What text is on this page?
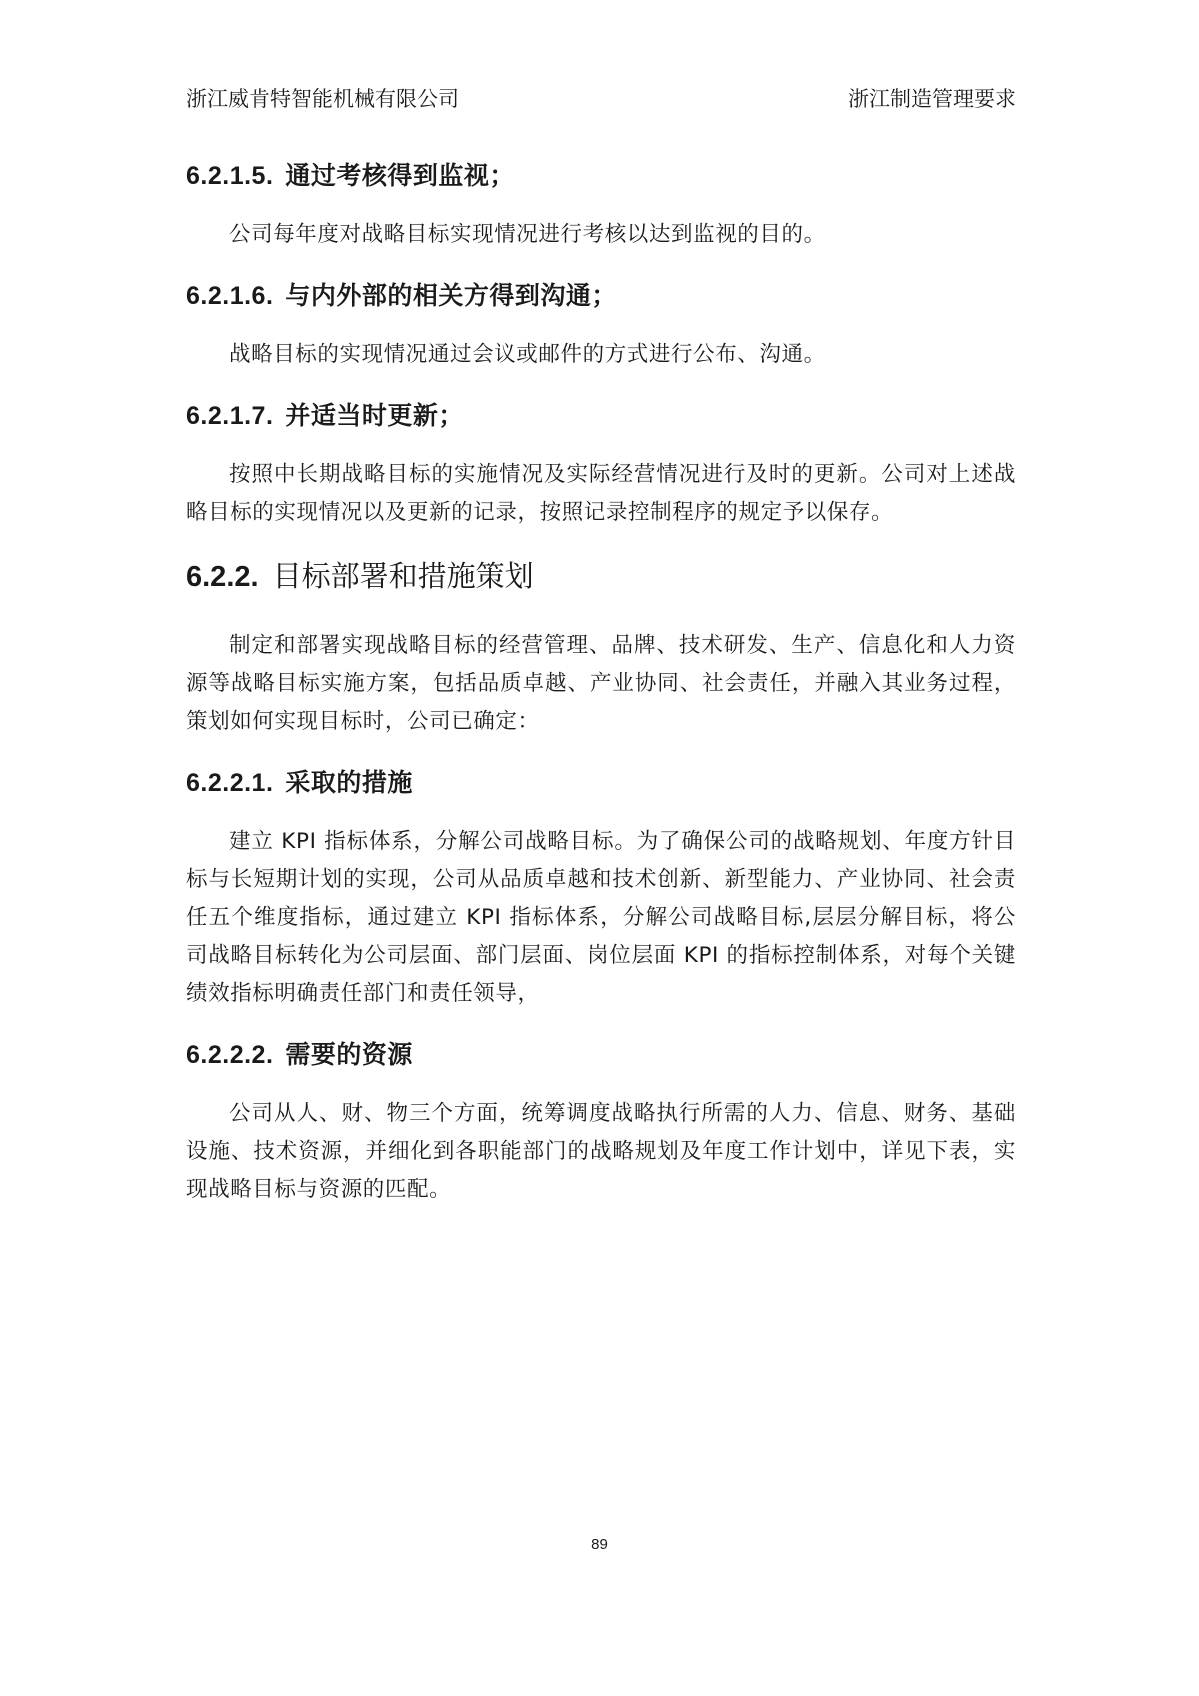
浙江威肯特智能机械有限公司	浙江制造管理要求
6.2.1.5. 通过考核得到监视；

公司每年度对战略目标实现情况进行考核以达到监视的目的。

6.2.1.6. 与内外部的相关方得到沟通；

战略目标的实现情况通过会议或邮件的方式进行公布、沟通。

6.2.1.7. 并适当时更新；

按照中长期战略目标的实施情况及实际经营情况进行及时的更新。公司对上述战略目标的实现情况以及更新的记录，按照记录控制程序的规定予以保存。

6.2.2. 目标部署和措施策划

制定和部署实现战略目标的经营管理、品牌、技术研发、生产、信息化和人力资源等战略目标实施方案，包括品质卓越、产业协同、社会责任，并融入其业务过程，策划如何实现目标时，公司已确定：

6.2.2.1. 采取的措施

建立 KPI 指标体系，分解公司战略目标。为了确保公司的战略规划、年度方针目标与长短期计划的实现，公司从品质卓越和技术创新、新型能力、产业协同、社会责任五个维度指标，通过建立 KPI 指标体系，分解公司战略目标,层层分解目标，将公司战略目标转化为公司层面、部门层面、岗位层面 KPI 的指标控制体系，对每个关键绩效指标明确责任部门和责任领导，

6.2.2.2. 需要的资源

公司从人、财、物三个方面，统筹调度战略执行所需的人力、信息、财务、基础设施、技术资源，并细化到各职能部门的战略规划及年度工作计划中，详见下表，实现战略目标与资源的匹配。

89
